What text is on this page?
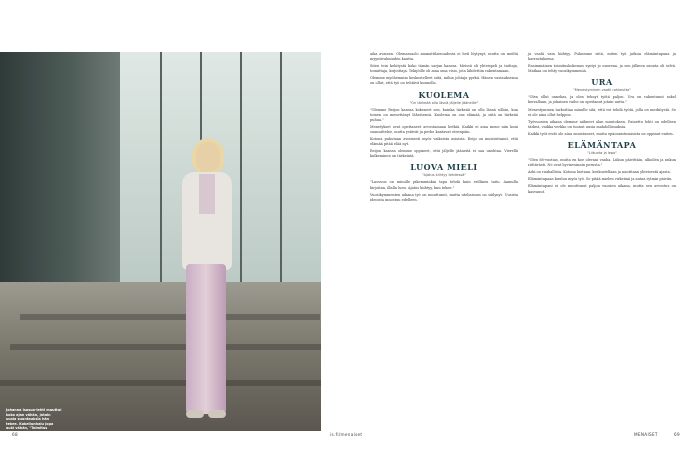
Johanna Isosuo-lehti muuttui koko ajan vähän, jotain uusia suuntauksia hän tekee. Kokeilunhalu jopa auki vähän, "Toimitus

aika avainen. Olemassaolo ammattilaisuudesta ei heti löytynyt, mutta on meiltä myyntivalmiuden kautta.

Siten tein kehitystä koko tämän sarjan kanssa. Meissä oli yhteispeli ja taittaja, toimittaja, kirjoittaja. Tekijöille oli aina oma visio, jota lähdettiin rakentamaan.

Olemme myöhemmin keskustelleet siitä, mihin johtaja pyrkii. Hänen vastauksensa on ollut, että työ on tehtävä kunnolla.

KUOLEMA
"On tärkeää olla läsnä jäljelle jääneille"

"Olemme Reijon kanssa kokeneet sen, kuinka tärkeää on olla läsnä silloin, kun toinen on menettänyt läheisensä. Kuolema on osa elämää, ja siitä on tärkeää puhua."

Menetykset ovat opettaneet arvostamaan hetkiä. Kaikki ei aina mene niin kuin suunnittelee, mutta ystävät ja perhe kantavat eteenpäin.

Kotona puhutaan avoimesti myös vaikeista asioista. Reijo on muistuttanut, että elämää pitää elää nyt.

Reijon kanssa olemme oppineet, että jäljelle jääneitä ei saa unohtaa. Vierellä kulkeminen on tärkeintä.

LUOVA MIELI
"Ajatus kiihtyy tehdessä"

"Luovuus on minulle pikemminkin tapa tehdä kuin erillinen taito. Aamulla kirjoitan, illalla luen. Ajatus kiihtyy, kun tekee."

Vuosikymmenten aikana työ on muuttunut, mutta uteliaisuus on säilynyt. Uusista ideoista innostuu edelleen.

ja vaalii vain kiihtyy. Puhumme siitä, miten työ jatkuu elämäntapana ja harrastuksena.

Ensimmäinen toimituskokemus syntyi jo nuorena, ja sen jälkeen suunta oli selvä. Matkaa on tehty vuosikymmeniä.

URA
"Menestyminen vaatii rohkeutta"

"Olen ollut onnekas, ja olen tehnyt työtä paljon. Ura on rakentunut askel kerrallaan, ja jokainen vaihe on opettanut jotain uutta."

Menestyminen tarkoittaa minulle sitä, että voi tehdä työtä, jolla on merkitystä. Se ei ole aina ollut helppoa.

Työvuosien aikana olemme nähneet alan muutoksen. Painettu lehti on edelleen tärkeä, vaikka verkko on tuonut uusia mahdollisuuksia.

Kaikki työt eivät ole aina onnistuneet, mutta epäonnistumisista on oppinut eniten.

ELÄMÄNTAPA
"Liikunta ja lepo"

"Olen 68-vuotias, mutta en koe olevani vanha. Liikun päivittäin, ulkoilen ja nukun riittävästi. Ne ovat hyvinvoinnin perusta."

Arki on rauhallista. Kotona luetaan, keskustellaan ja nautitaan yhteisestä ajasta.

Elämäntapaan kuuluu myös työ. Se pitää mielen virkeänä ja antaa rytmin päiviin.

Elämäntapani ei ole muuttunut paljon vuosien aikana, mutta sen arvostus on kasvanut.

68	is.fi/menaiset	MENAISET	69
